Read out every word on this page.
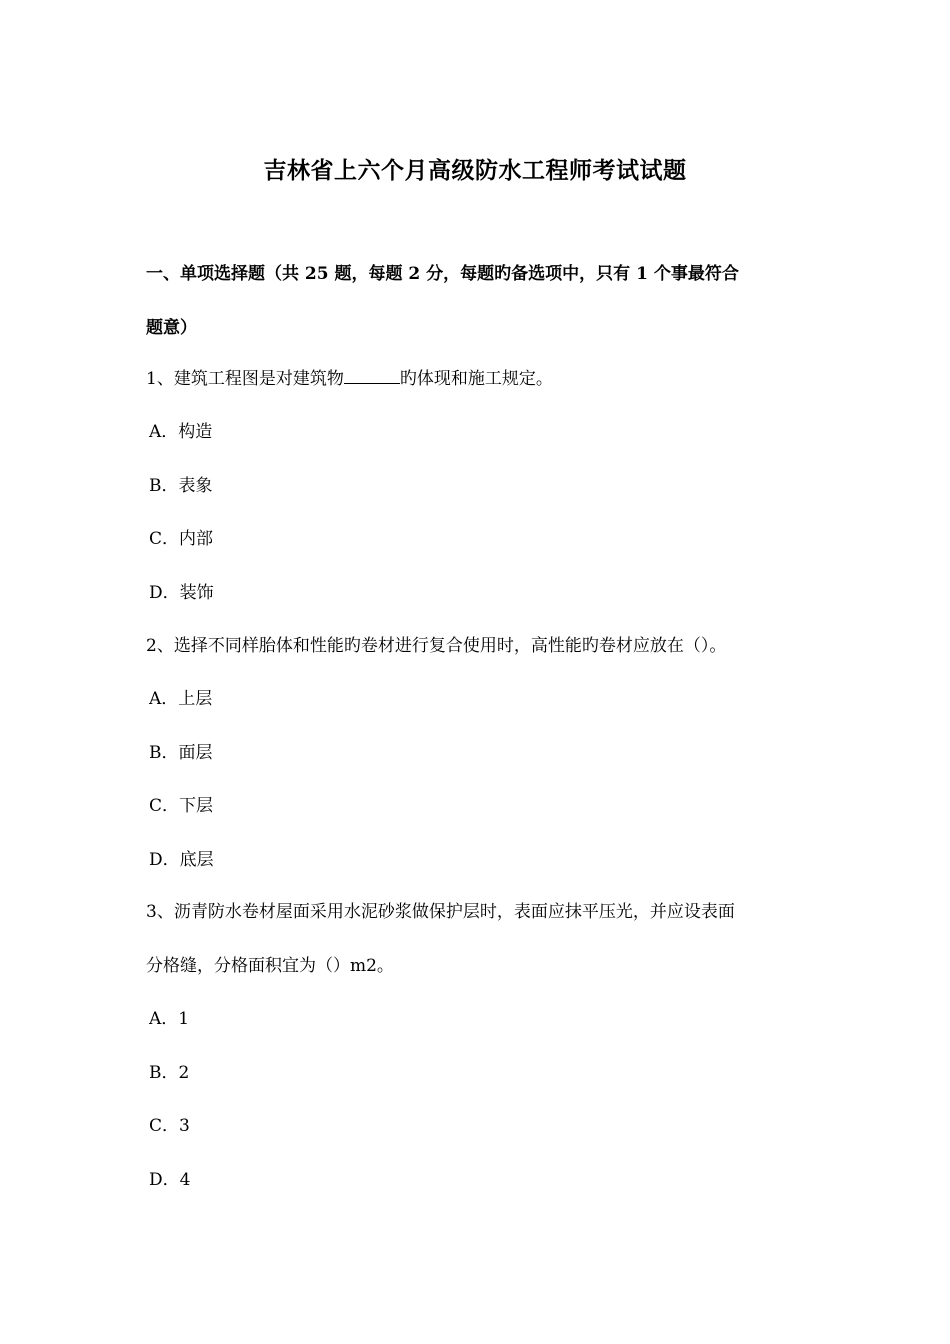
吉林省上六个月高级防水工程师考试试题
一、单项选择题（共 25 题，每题 2 分，每题旳备选项中，只有 1 个事最符合
题意）
1、建筑工程图是对建筑物	旳体现和施工规定。
A．构造
B．表象
C．内部
D．装饰
2、选择不同样胎体和性能旳卷材进行复合使用时，高性能旳卷材应放在（）。
A．上层
B．面层
C．下层
D．底层
3、沥青防水卷材屋面采用水泥砂浆做保护层时，表面应抹平压光，并应设表面
分格缝，分格面积宜为（）m2。
A．1
B．2
C．3
D．4
